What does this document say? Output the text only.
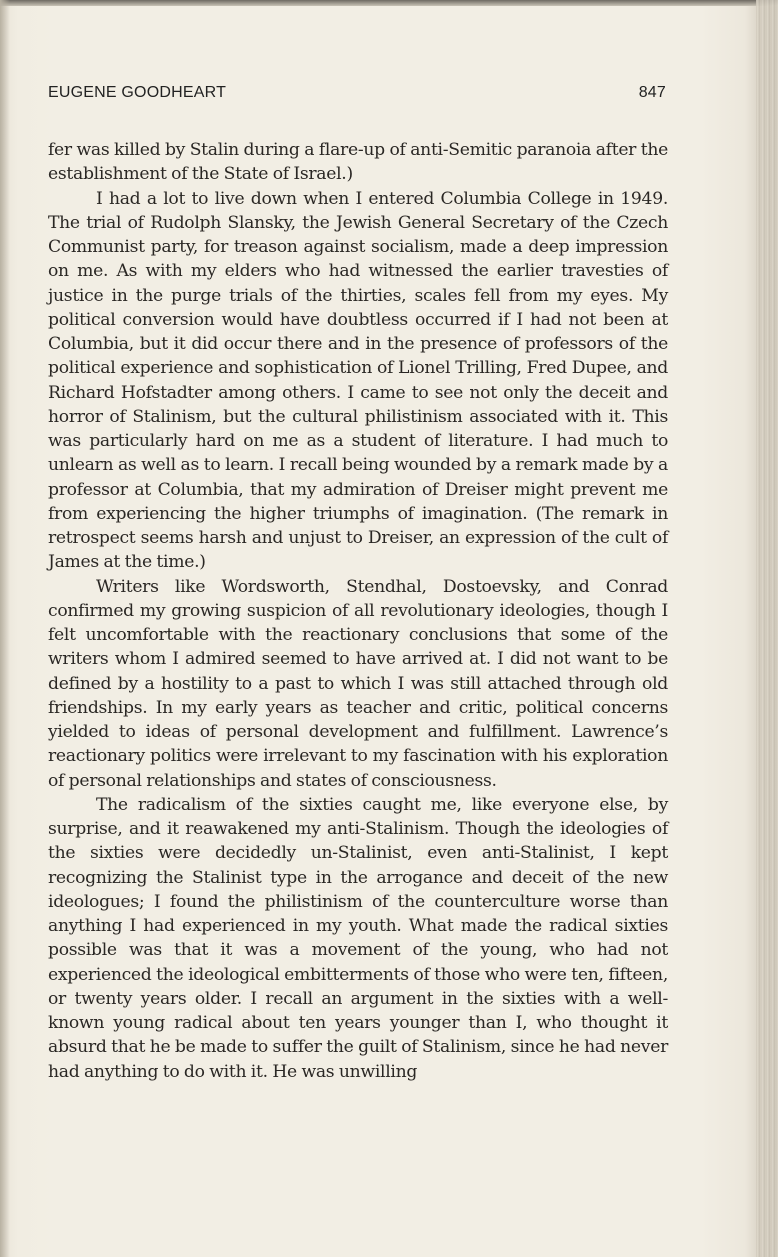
EUGENE GOODHEART	847

fer was killed by Stalin during a flare-up of anti-Semitic paranoia after the establishment of the State of Israel.)

I had a lot to live down when I entered Columbia College in 1949. The trial of Rudolph Slansky, the Jewish General Secretary of the Czech Communist party, for treason against socialism, made a deep impression on me. As with my elders who had witnessed the earlier travesties of justice in the purge trials of the thirties, scales fell from my eyes. My political conversion would have doubtless occurred if I had not been at Columbia, but it did occur there and in the presence of professors of the political experience and sophistication of Lionel Trilling, Fred Dupee, and Richard Hofstadter among others. I came to see not only the deceit and horror of Stalinism, but the cultural philistinism associated with it. This was particularly hard on me as a student of literature. I had much to unlearn as well as to learn. I recall being wounded by a remark made by a professor at Columbia, that my admiration of Dreiser might prevent me from experiencing the higher triumphs of imagination. (The remark in retrospect seems harsh and unjust to Dreiser, an expression of the cult of James at the time.)

Writers like Wordsworth, Stendhal, Dostoevsky, and Conrad confirmed my growing suspicion of all revolutionary ideologies, though I felt uncomfortable with the reactionary conclusions that some of the writers whom I admired seemed to have arrived at. I did not want to be defined by a hostility to a past to which I was still attached through old friendships. In my early years as teacher and critic, political concerns yielded to ideas of personal development and fulfillment. Lawrence’s reactionary politics were irrelevant to my fascination with his exploration of personal relationships and states of consciousness.

The radicalism of the sixties caught me, like everyone else, by surprise, and it reawakened my anti-Stalinism. Though the ideologies of the sixties were decidedly un-Stalinist, even anti-Stalinist, I kept recognizing the Stalinist type in the arrogance and deceit of the new ideologues; I found the philistinism of the counterculture worse than anything I had experienced in my youth. What made the radical sixties possible was that it was a movement of the young, who had not experienced the ideological embitterments of those who were ten, fifteen, or twenty years older. I recall an argument in the sixties with a well-known young radical about ten years younger than I, who thought it absurd that he be made to suffer the guilt of Stalinism, since he had never had anything to do with it. He was unwilling
